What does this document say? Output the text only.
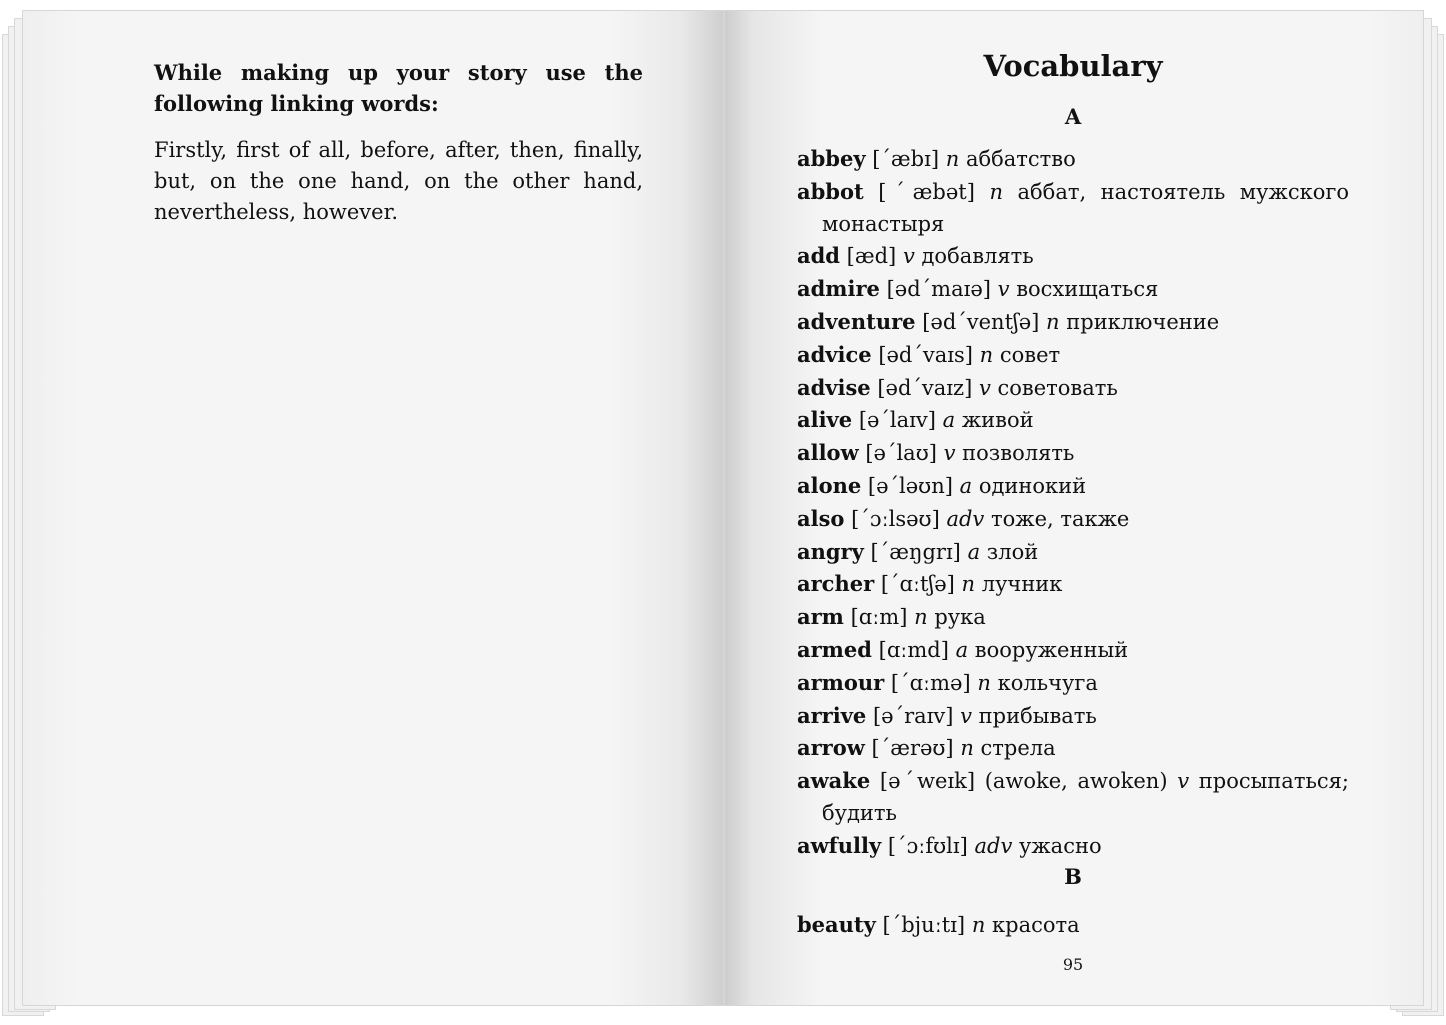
While making up your story use the following linking words:

Firstly, first of all, before, after, then, finally, but, on the one hand, on the other hand, nevertheless, however.

Vocabulary
A
abbey [ˊæbɪ] n аббатство
abbot [ˊæbət] n аббат, настоятель мужского монастыря
add [æd] v добавлять
admire [ədˊmaɪə] v восхищаться
adventure [ədˊventʃə] n приключение
advice [ədˊvaɪs] n совет
advise [ədˊvaɪz] v советовать
alive [əˊlaɪv] a живой
allow [əˊlaʊ] v позволять
alone [əˊləʊn] a одинокий
also [ˊɔːlsəʊ] adv тоже, также
angry [ˊæŋgrɪ] a злой
archer [ˊɑːtʃə] n лучник
arm [ɑːm] n рука
armed [ɑːmd] a вооруженный
armour [ˊɑːmə] n кольчуга
arrive [əˊraɪv] v прибывать
arrow [ˊærəʊ] n стрела
awake [əˊweɪk] (awoke, awoken) v просыпаться; будить
awfully [ˊɔːfʊlɪ] adv ужасно
B
beauty [ˊbjuːtɪ] n красота
95
